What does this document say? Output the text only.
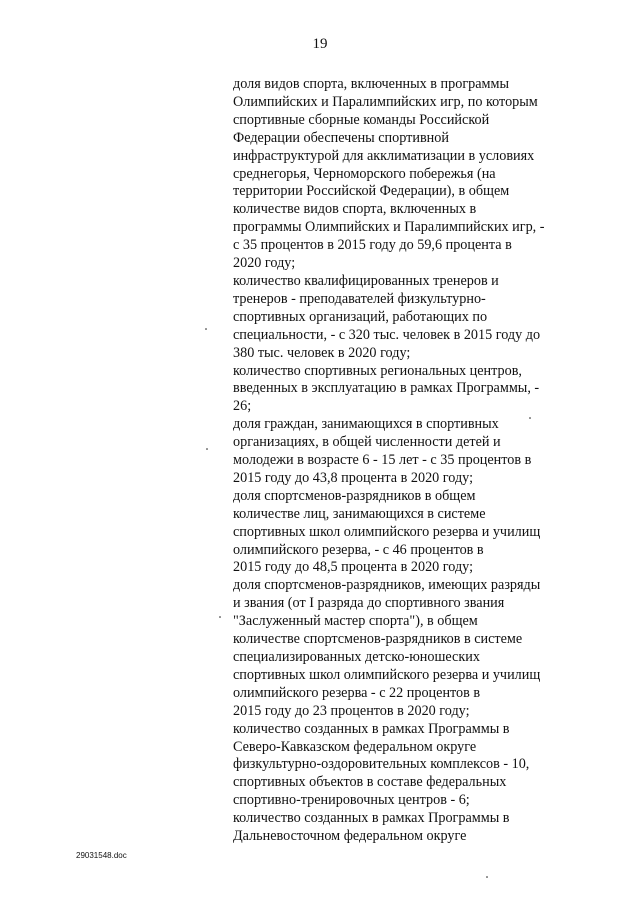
19
доля видов спорта, включенных в программы
Олимпийских и Паралимпийских игр, по которым
спортивные сборные команды Российской
Федерации обеспечены спортивной
инфраструктурой для акклиматизации в условиях
среднегорья, Черноморского побережья (на
территории Российской Федерации), в общем
количестве видов спорта, включенных в
программы Олимпийских и Паралимпийских игр, -
с 35 процентов в 2015 году до 59,6 процента в
2020 году;
количество квалифицированных тренеров и
тренеров - преподавателей физкультурно-
спортивных организаций, работающих по
специальности, - с 320 тыс. человек в 2015 году до
380 тыс. человек в 2020 году;
количество спортивных региональных центров,
введенных в эксплуатацию в рамках Программы, -
26;
доля граждан, занимающихся в спортивных
организациях, в общей численности детей и
молодежи в возрасте 6 - 15 лет - с 35 процентов в
2015 году до 43,8 процента в 2020 году;
доля спортсменов-разрядников в общем
количестве лиц, занимающихся в системе
спортивных школ олимпийского резерва и училищ
олимпийского резерва, - с 46 процентов в
2015 году до 48,5 процента в 2020 году;
доля спортсменов-разрядников, имеющих разряды
и звания (от I разряда до спортивного звания
"Заслуженный мастер спорта"), в общем
количестве спортсменов-разрядников в системе
специализированных детско-юношеских
спортивных школ олимпийского резерва и училищ
олимпийского резерва - с 22 процентов в
2015 году до 23 процентов в 2020 году;
количество созданных в рамках Программы в
Северо-Кавказском федеральном округе
физкультурно-оздоровительных комплексов - 10,
спортивных объектов в составе федеральных
спортивно-тренировочных центров - 6;
количество созданных в рамках Программы в
Дальневосточном федеральном округе
29031548.doc
